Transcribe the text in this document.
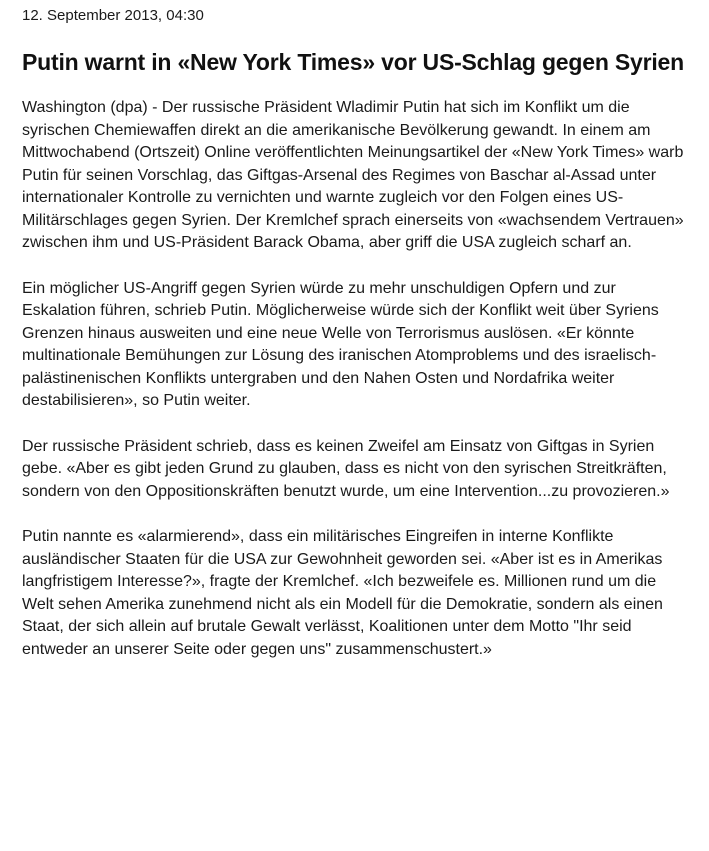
12. September 2013, 04:30

Putin warnt in «New York Times» vor US-Schlag gegen Syrien

Washington (dpa) - Der russische Präsident Wladimir Putin hat sich im Konflikt um die syrischen Chemiewaffen direkt an die amerikanische Bevölkerung gewandt. In einem am Mittwochabend (Ortszeit) Online veröffentlichten Meinungsartikel der «New York Times» warb Putin für seinen Vorschlag, das Giftgas-Arsenal des Regimes von Baschar al-Assad unter internationaler Kontrolle zu vernichten und warnte zugleich vor den Folgen eines US-Militärschlages gegen Syrien. Der Kremlchef sprach einerseits von «wachsendem Vertrauen» zwischen ihm und US-Präsident Barack Obama, aber griff die USA zugleich scharf an.

Ein möglicher US-Angriff gegen Syrien würde zu mehr unschuldigen Opfern und zur Eskalation führen, schrieb Putin. Möglicherweise würde sich der Konflikt weit über Syriens Grenzen hinaus ausweiten und eine neue Welle von Terrorismus auslösen. «Er könnte multinationale Bemühungen zur Lösung des iranischen Atomproblems und des israelisch-palästinenischen Konflikts untergraben und den Nahen Osten und Nordafrika weiter destabilisieren», so Putin weiter.

Der russische Präsident schrieb, dass es keinen Zweifel am Einsatz von Giftgas in Syrien gebe. «Aber es gibt jeden Grund zu glauben, dass es nicht von den syrischen Streitkräften, sondern von den Oppositionskräften benutzt wurde, um eine Intervention...zu provozieren.»

Putin nannte es «alarmierend», dass ein militärisches Eingreifen in interne Konflikte ausländischer Staaten für die USA zur Gewohnheit geworden sei. «Aber ist es in Amerikas langfristigem Interesse?», fragte der Kremlchef. «Ich bezweifele es. Millionen rund um die Welt sehen Amerika zunehmend nicht als ein Modell für die Demokratie, sondern als einen Staat, der sich allein auf brutale Gewalt verlässt, Koalitionen unter dem Motto "Ihr seid entweder an unserer Seite oder gegen uns" zusammenschustert.»
